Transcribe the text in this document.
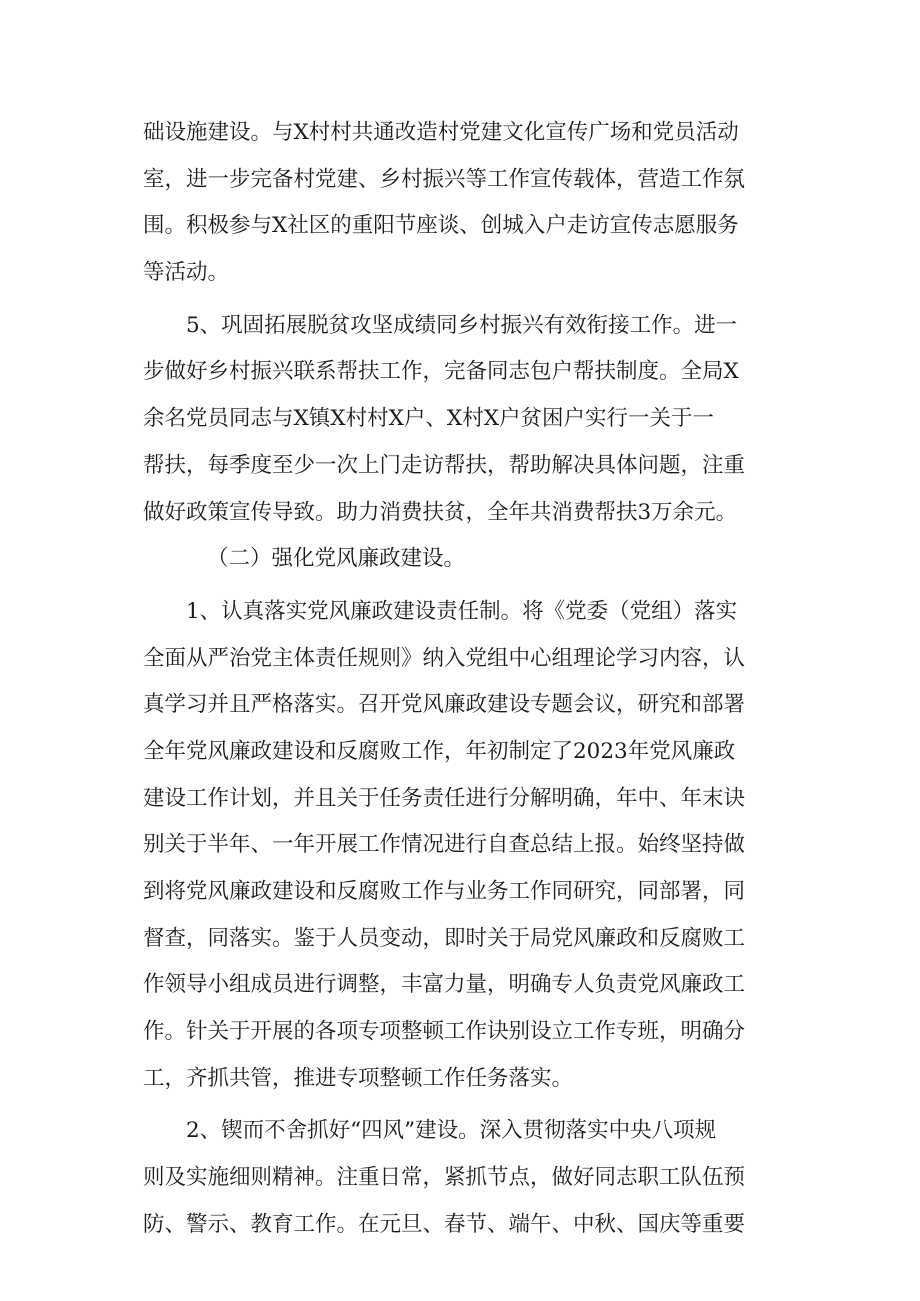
础设施建设。与X村村共通改造村党建文化宣传广场和党员活动
室，进一步完备村党建、乡村振兴等工作宣传载体，营造工作氛
围。积极参与X社区的重阳节座谈、创城入户走访宣传志愿服务
等活动。
5、巩固拓展脱贫攻坚成绩同乡村振兴有效衔接工作。进一
步做好乡村振兴联系帮扶工作，完备同志包户帮扶制度。全局X
余名党员同志与X镇X村村X户、X村X户贫困户实行一关于一
帮扶，每季度至少一次上门走访帮扶，帮助解决具体问题，注重
做好政策宣传导致。助力消费扶贫，全年共消费帮扶3万余元。
（二）强化党风廉政建设。
1、认真落实党风廉政建设责任制。将《党委（党组）落实
全面从严治党主体责任规则》纳入党组中心组理论学习内容，认
真学习并且严格落实。召开党风廉政建设专题会议，研究和部署
全年党风廉政建设和反腐败工作，年初制定了2023年党风廉政
建设工作计划，并且关于任务责任进行分解明确，年中、年末诀
别关于半年、一年开展工作情况进行自查总结上报。始终坚持做
到将党风廉政建设和反腐败工作与业务工作同研究，同部署，同
督查，同落实。鉴于人员变动，即时关于局党风廉政和反腐败工
作领导小组成员进行调整，丰富力量，明确专人负责党风廉政工
作。针关于开展的各项专项整顿工作诀别设立工作专班，明确分
工，齐抓共管，推进专项整顿工作任务落实。
2、锲而不舍抓好“四风”建设。深入贯彻落实中央八项规
则及实施细则精神。注重日常，紧抓节点，做好同志职工队伍预
防、警示、教育工作。在元旦、春节、端午、中秋、国庆等重要
